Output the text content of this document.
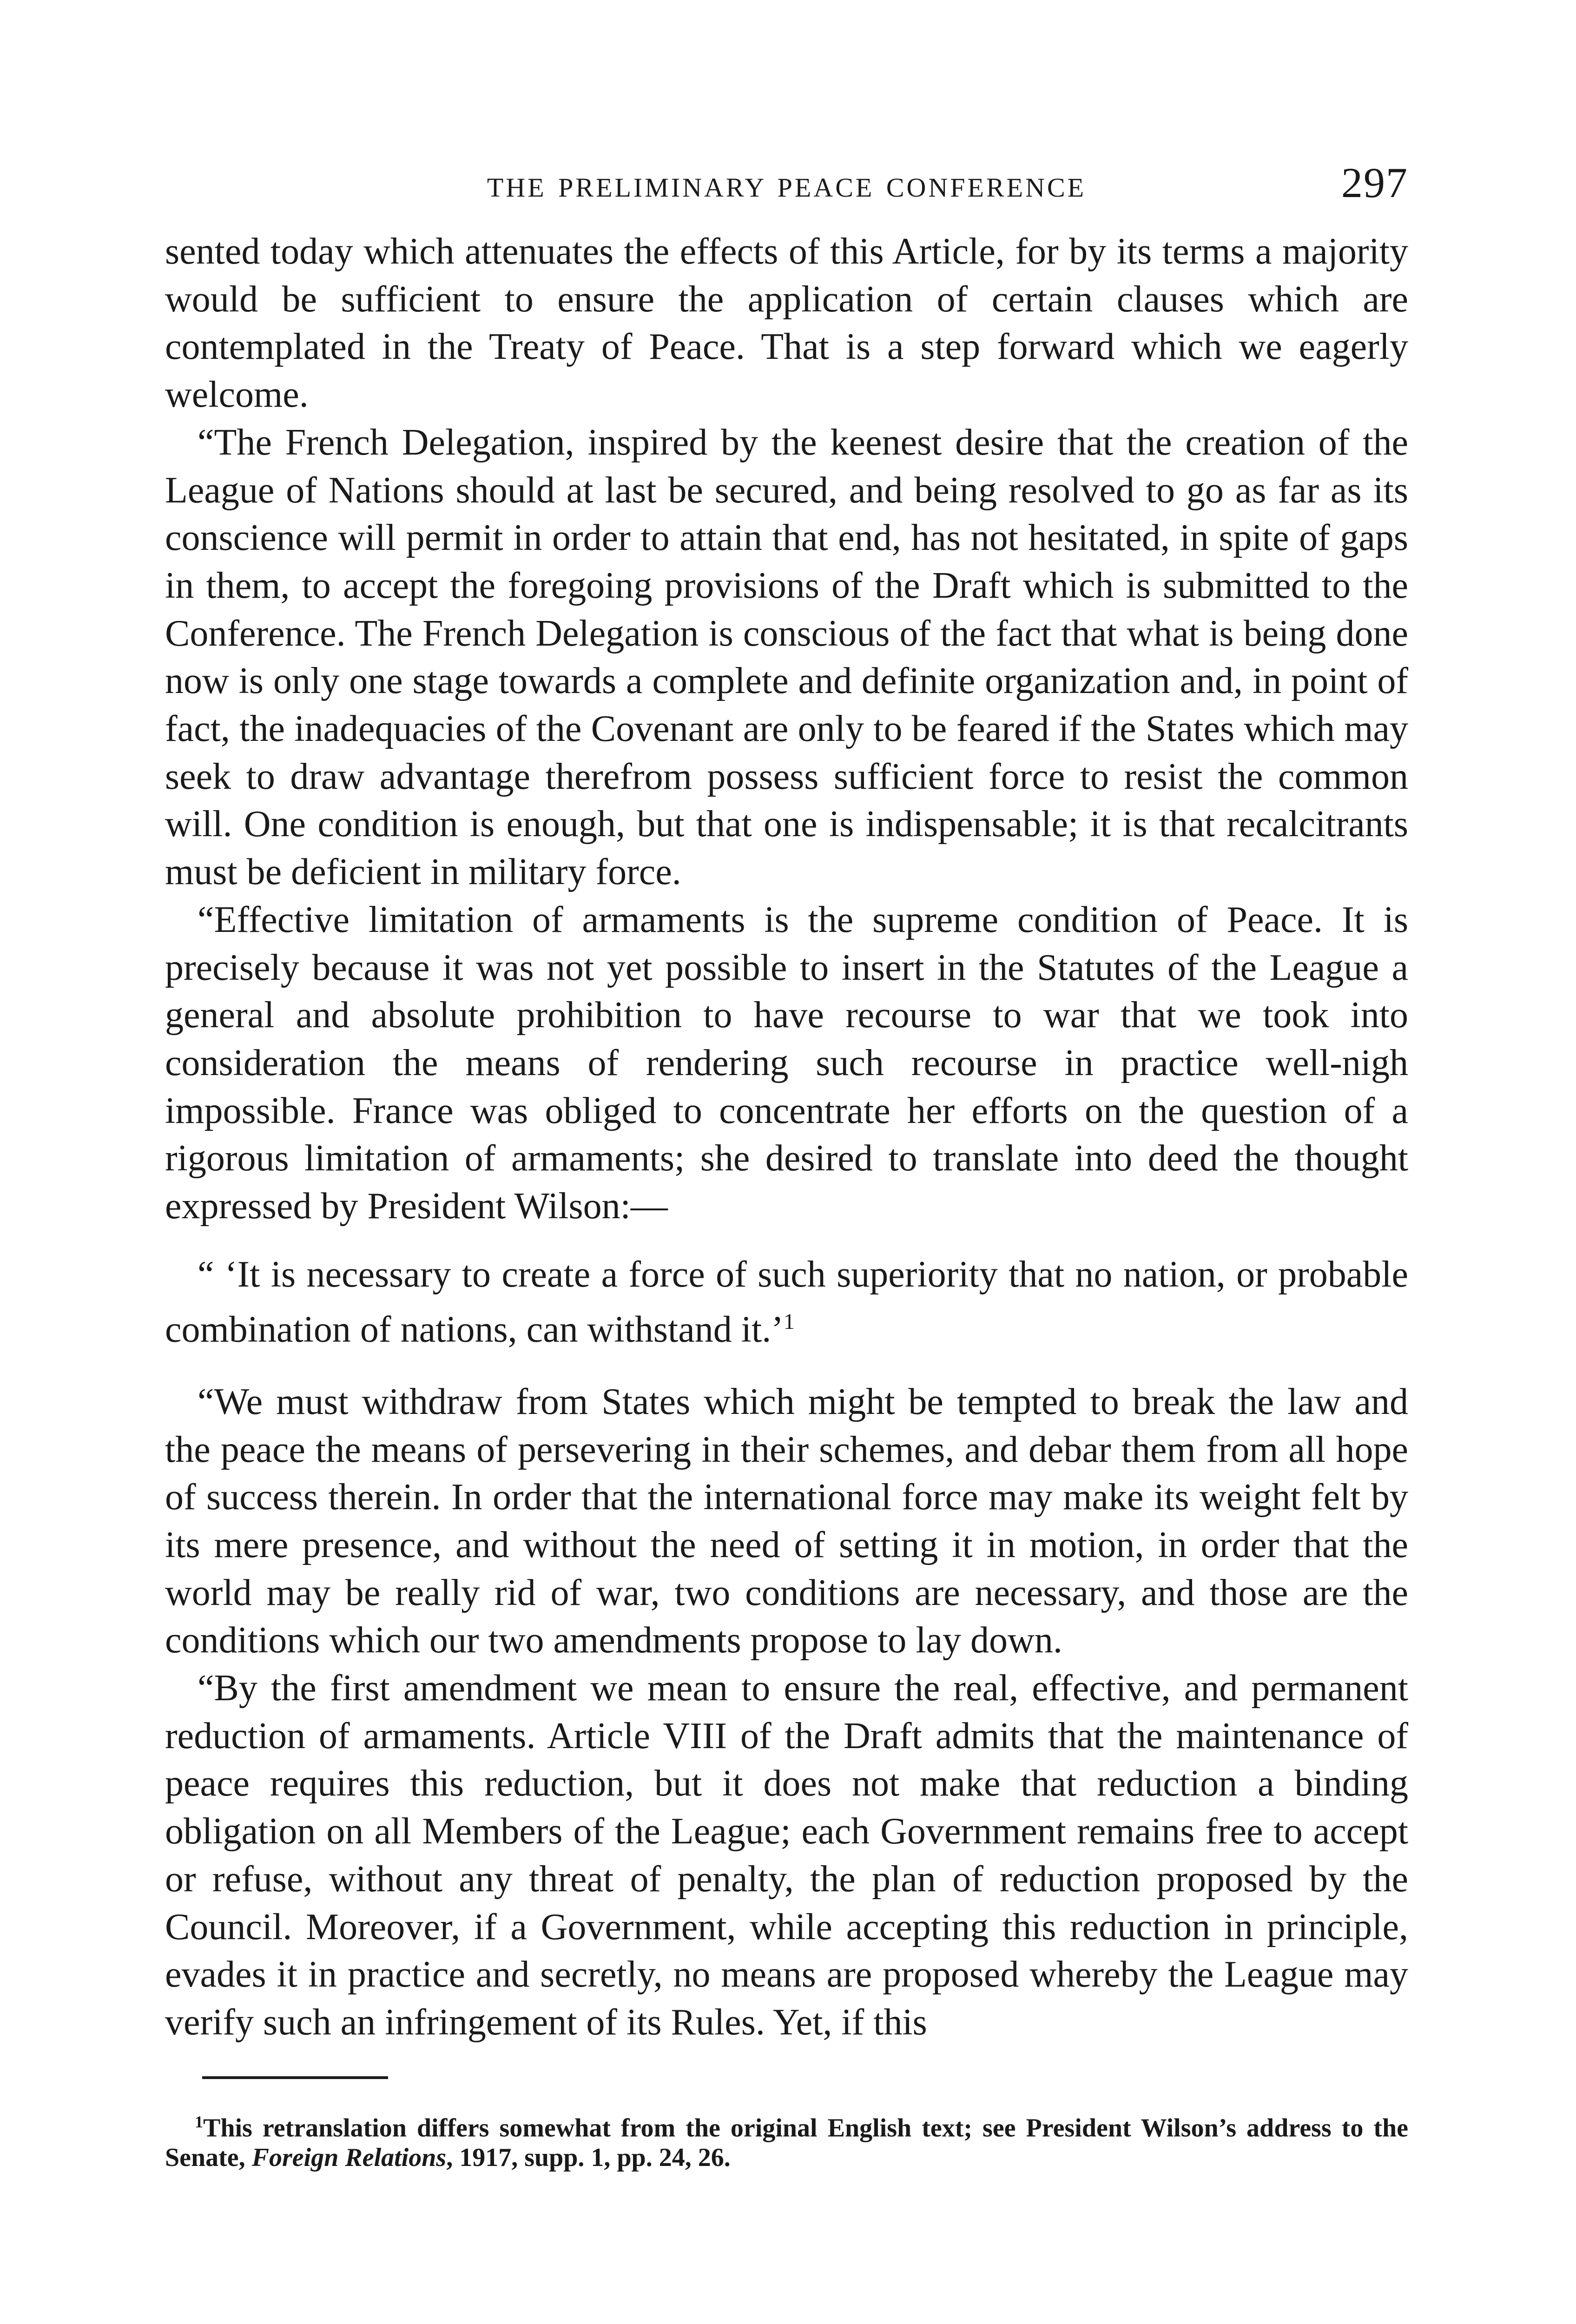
THE PRELIMINARY PEACE CONFERENCE	297

sented today which attenuates the effects of this Article, for by its terms a majority would be sufficient to ensure the application of certain clauses which are contemplated in the Treaty of Peace. That is a step forward which we eagerly welcome.

“The French Delegation, inspired by the keenest desire that the creation of the League of Nations should at last be secured, and being resolved to go as far as its conscience will permit in order to attain that end, has not hesitated, in spite of gaps in them, to accept the foregoing provisions of the Draft which is submitted to the Conference. The French Delegation is conscious of the fact that what is being done now is only one stage towards a complete and definite organization and, in point of fact, the inadequacies of the Covenant are only to be feared if the States which may seek to draw advantage therefrom possess sufficient force to resist the common will. One condition is enough, but that one is indispensable; it is that recalcitrants must be deficient in military force.

“Effective limitation of armaments is the supreme condition of Peace. It is precisely because it was not yet possible to insert in the Statutes of the League a general and absolute prohibition to have recourse to war that we took into consideration the means of rendering such recourse in practice well-nigh impossible. France was obliged to concentrate her efforts on the question of a rigorous limitation of armaments; she desired to translate into deed the thought expressed by President Wilson:—

“ ‘It is necessary to create a force of such superiority that no nation, or probable combination of nations, can withstand it.’$^1$

“We must withdraw from States which might be tempted to break the law and the peace the means of persevering in their schemes, and debar them from all hope of success therein. In order that the international force may make its weight felt by its mere presence, and without the need of setting it in motion, in order that the world may be really rid of war, two conditions are necessary, and those are the conditions which our two amendments propose to lay down.

“By the first amendment we mean to ensure the real, effective, and permanent reduction of armaments. Article VIII of the Draft admits that the maintenance of peace requires this reduction, but it does not make that reduction a binding obligation on all Members of the League; each Government remains free to accept or refuse, without any threat of penalty, the plan of reduction proposed by the Council. Moreover, if a Government, while accepting this reduction in principle, evades it in practice and secretly, no means are proposed whereby the League may verify such an infringement of its Rules. Yet, if this

$^1$This retranslation differs somewhat from the original English text; see President Wilson’s address to the Senate, Foreign Relations, 1917, supp. 1, pp. 24, 26.
